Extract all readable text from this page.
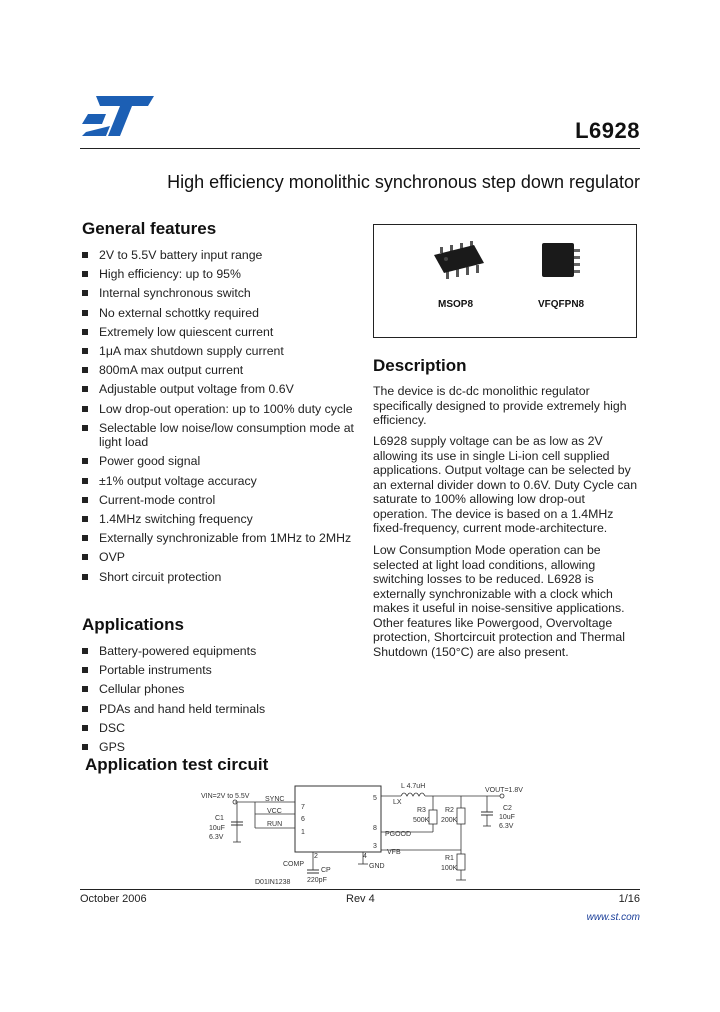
L6928
High efficiency monolithic synchronous step down regulator
General features
2V to 5.5V battery input range
High efficiency: up to 95%
Internal synchronous switch
No external schottky required
Extremely low quiescent current
1μA max shutdown supply current
800mA max output current
Adjustable output voltage from 0.6V
Low drop-out operation: up to 100% duty cycle
Selectable low noise/low consumption mode at light load
Power good signal
±1% output voltage accuracy
Current-mode control
1.4MHz switching frequency
Externally synchronizable from 1MHz to 2MHz
OVP
Short circuit protection
Applications
Battery-powered equipments
Portable instruments
Cellular phones
PDAs and hand held terminals
DSC
GPS
MSOP8	VFQFPN8
Description

The device is dc-dc monolithic regulator specifically designed to provide extremely high efficiency.

L6928 supply voltage can be as low as 2V allowing its use in single Li-ion cell supplied applications. Output voltage can be selected by an external divider down to 0.6V. Duty Cycle can saturate to 100% allowing low drop-out operation. The device is based on a 1.4MHz fixed-frequency, current mode-architecture.

Low Consumption Mode operation can be selected at light load conditions, allowing switching losses to be reduced. L6928 is externally synchronizable with a clock which makes it useful in noise-sensitive applications. Other features like Powergood, Overvoltage protection, Shortcircuit protection and Thermal Shutdown (150°C) are also present.

Application test circuit
SYNC
VCC
RUN
7
6
1
VIN=2V to 5.5V
C1
10uF
6.3V
COMP	GND
2	4
CP
220pF
D01IN1238
5
8
3
LX
PGOOD
VFB
L 4.7uH
R3
500K
R2
200K
R1
100K
VOUT=1.8V
C2
10uF
6.3V
October 2006	Rev 4	1/16
www.st.com
